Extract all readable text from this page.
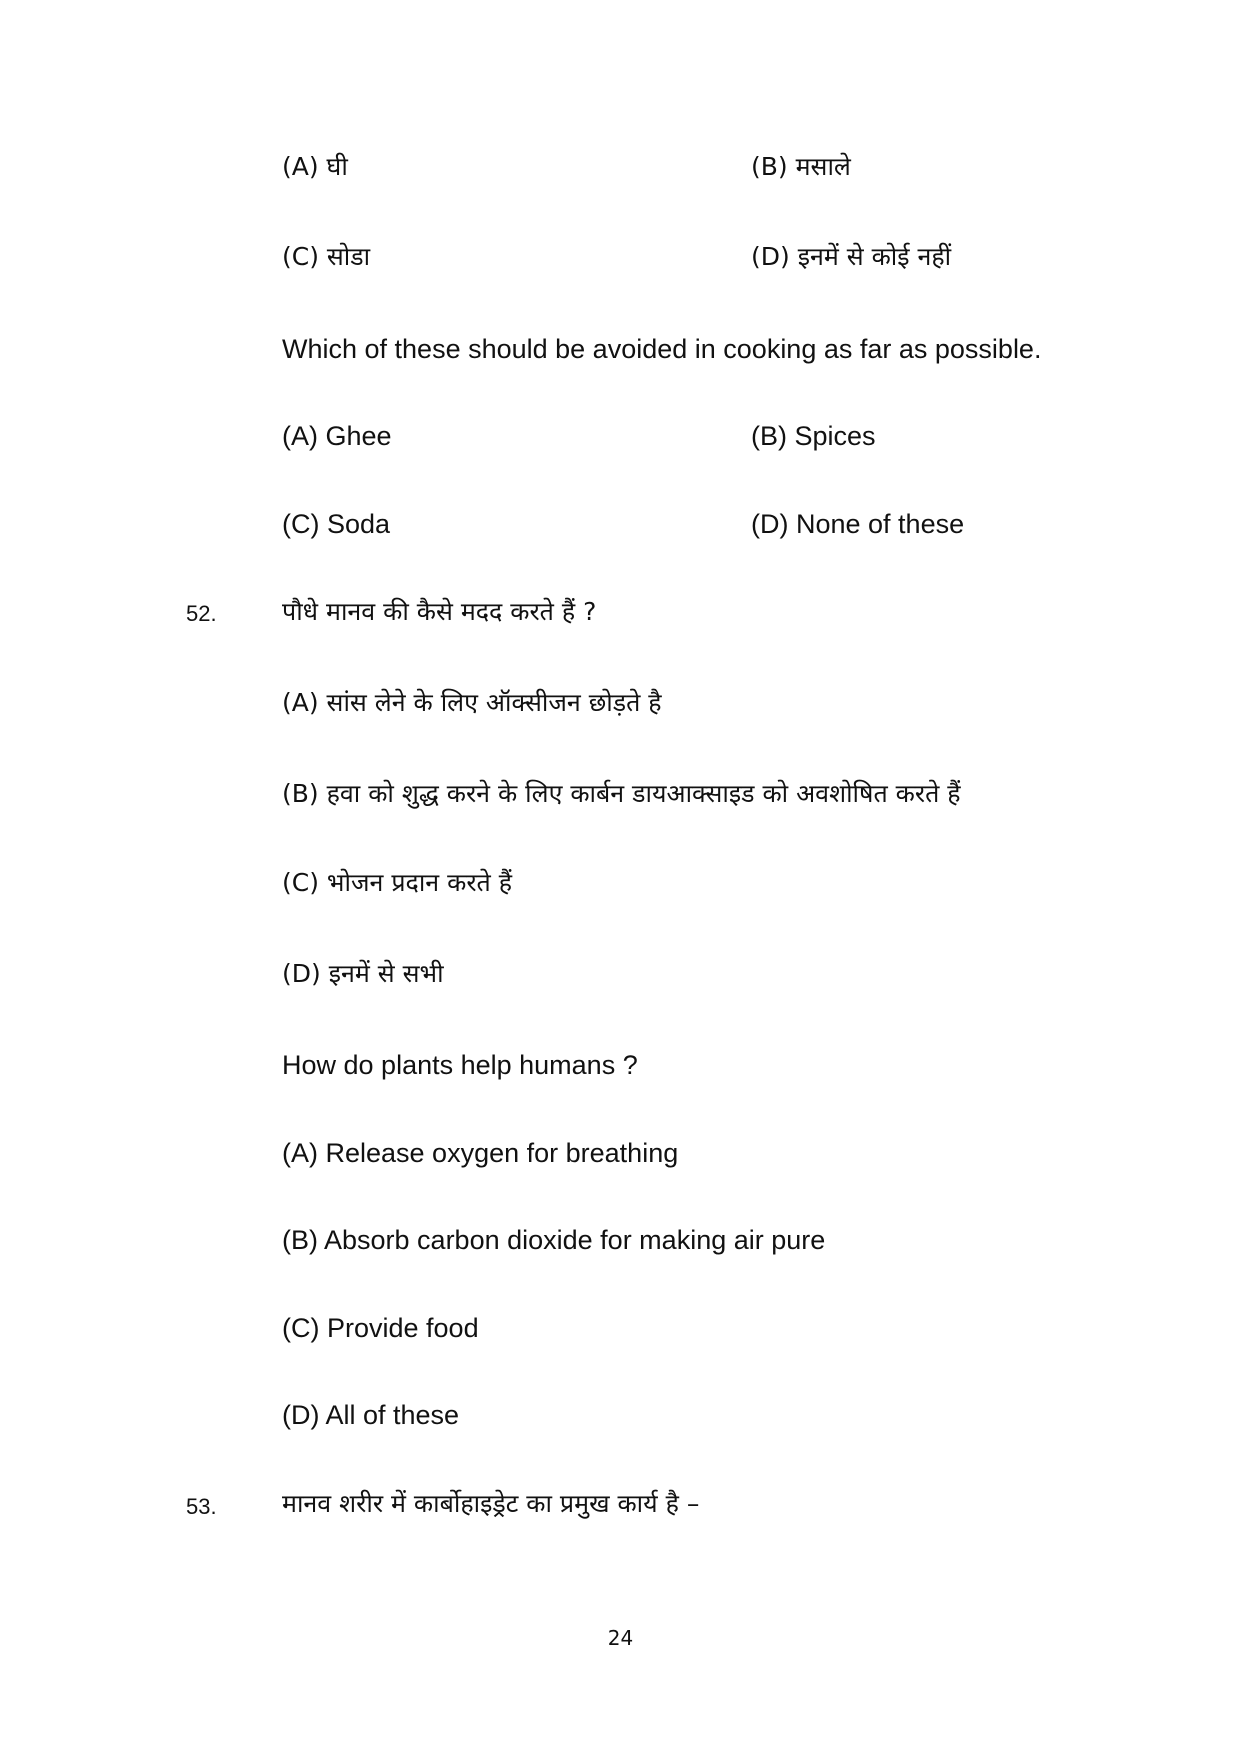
(A) घी	(B) मसाले
(C) सोडा	(D) इनमें से कोई नहीं
Which of these should be avoided in cooking as far as possible.
(A) Ghee	(B) Spices
(C) Soda	(D) None of these
52.	पौधे मानव की कैसे मदद करते हैं ?
(A) सांस लेने के लिए ऑक्सीजन छोड़ते है
(B) हवा को शुद्ध करने के लिए कार्बन डायआक्साइड को अवशोषित करते हैं
(C) भोजन प्रदान करते हैं
(D) इनमें से सभी
How do plants help humans ?
(A) Release oxygen for breathing
(B) Absorb carbon dioxide for making air pure
(C) Provide food
(D) All of these
53.	मानव शरीर में कार्बोहाइड्रेट का प्रमुख कार्य है –
24
